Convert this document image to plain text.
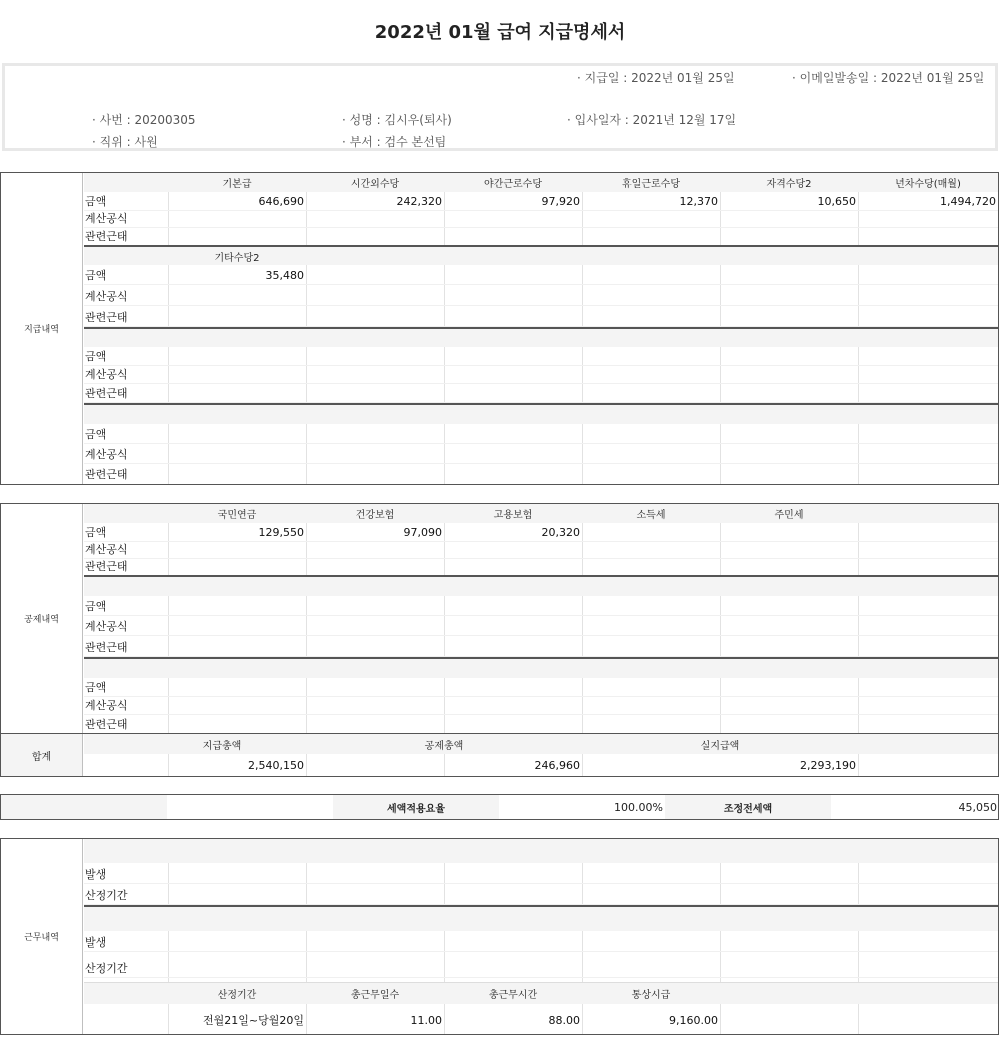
2022년 01월 급여 지급명세서
· 지급일 : 2022년 01월 25일	· 이메일발송일 : 2022년 01월 25일
· 사번 : 20200305	· 성명 : 김시우(퇴사)	· 입사일자 : 2021년 12월 17일
· 직위 : 사원	· 부서 : 검수 본선팀
지급내역
기본급	시간외수당	야간근로수당	휴일근로수당	자격수당2	년차수당(매월)
금액	646,690	242,320	97,920	12,370	10,650	1,494,720
계산공식
관련근태
기타수당2
금액	35,480
계산공식
관련근태
금액
계산공식
관련근태
금액
계산공식
관련근태
공제내역
국민연금	건강보험	고용보험	소득세	주민세
금액	129,550	97,090	20,320
계산공식
관련근태
금액
계산공식
관련근태
금액
계산공식
관련근태
합계
지급총액	공제총액	실지급액
2,540,150	246,960	2,293,190
세액적용요율	100.00%	조정전세액	45,050
근무내역
발생
산정기간
발생
산정기간
산정기간	총근무일수	총근무시간	통상시급
전월21일~당월20일	11.00	88.00	9,160.00
